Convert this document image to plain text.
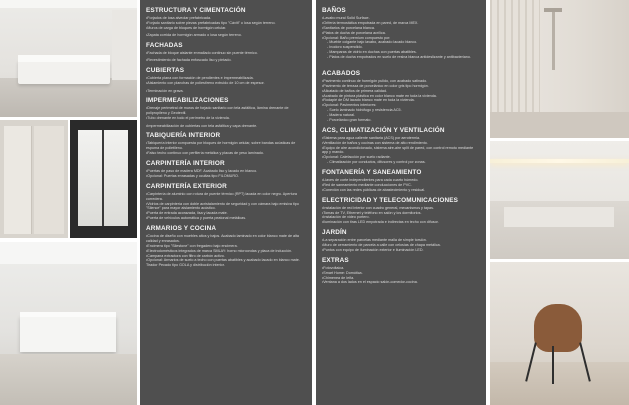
ESTRUCTURA Y CIMENTACIÓN

•Forjados de losa alveolar prefabricada.

•Forjado sanitario sobre piezas prefabricadas tipo "Cáviti" o losa según terreno.

•Muros de carga de bloques de hormigón celular.

•Zapata corrida de hormigón armado o losa según terreno.

FACHADAS

•Fachada de bloque aislante enmallado continuo sin puente térmico.

•Revestimiento de fachada enfoscado liso y pintado.

CUBIERTAS

•Cubierta plana con formación de pendientes e impermeabilizada.

•Aislamiento con planchas de poliestireno extruido de 10 cm de espesor.

•Terminación en grava.

IMPERMEABILIZACIONES

•Drenaje perimetral de muros de forjado sanitario con tela asfáltica, lámina drenante de polipropileno y Geotextil.

•Tubo drenante en todo el perímetro de la vivienda.

•Impermeabilización de cubiertas con tela asfáltica y capa drenante.

TABIQUERÍA INTERIOR

•Tabiquería interior compuesta por bloques de hormigón celular, sobre bandas acústicas de espuma de polietileno.

•Falso techo continuo con perfilería metálica y placas de yeso laminado.

CARPINTERÍA INTERIOR

•Puertas de paso de madera MDF. Acabado liso y lacado en blanco.

•Opcional: Puertas enrasadas y ocultas tipo FILOMURO.

CARPINTERÍA EXTERIOR

•Carpintería de aluminio con rotura de puente térmico (RPT) lacada en color negro. Apertura corredera.

•Vidrios de carpintería con doble acristalamiento de seguridad y con cámara bajo emisiva tipo "Silence" para mayor aislamiento acústico.

•Puerta de entrada acorazada, lisa y lacada mate.

•Puerta de vehículos automática y puerta peatonal metálicas.

ARMARIOS Y COCINA

•Cocina de diseño con muebles altos y bajos. Acabado laminado en color blanco mate de alta calidad y enrasados.

•Encimera tipo "Silestone" con fregadero bajo encimera.

•Electrodomésticos integrados de marca SMLAY: horno microondas y placa de inducción.

•Campana extractora con filtro de carbón activo.

•Opcional: Armarios de suelo a techo con puertas abatibles y acabado lacado en blanco mate. Tirador Pecado tipo GOLA y distribución interior.

BAÑOS

•Lavabo mural Solid Surface.

•Grifería termostática empotrada en pared, de marca MEX.

•Sanitarios de porcelana blanca.

•Platos de ducha de porcelana acrílica.

•Opcional: Baño premium compuesto por:

- Mueble colgante bajo lavabo, acabado lacado blanco.

- Inodoro suspendido.

- Mamparas de vidrio en duchas con puertas abatibles.

- Platos de ducha empotrados en suelo de resina blanca antideslizante y antibacteriano.

ACABADOS

•Pavimento continuo de hormigón pulido, con acabado satinado.

•Pavimento de terraza de porcelánico en color gris tipo hormigón.

•Alicatado de baños de primera calidad.

•Acabado de pintura plástica en color blanco mate en toda la vivienda.

•Rodapié de DM lacado blanco mate en toda la vivienda.

•Opcional: Pavimentos interiores:

- Suelo laminado hidrófugo y resistencia AC5.

- Madera natural.

- Porcelánico gran formato.

ACS, CLIMATIZACIÓN Y VENTILACIÓN

•Sistema para agua caliente sanitaria (ACS) por aerotermia.

•Ventilación de baños y cocinas con sistema de alto rendimiento.

•Equipo de aire acondicionado, sistema aire-aire split de pared, con control remoto mediante app y mando.

•Opcional: Calefacción por suelo radiante.

- Climatización por conductos, difusores y control por zonas.

FONTANERÍA Y SANEAMIENTO

•Llaves de corte independientes para cada cuarto húmedo.

•Red de saneamiento mediante conducciones de PVC.

•Conexión con las redes públicas de abastecimiento y residual.

ELECTRICIDAD Y TELECOMUNICACIONES

•Instalación de red interior con cuadro general, mecanismos y tapas.

•Tomas de TV, Ethernet y teléfono en salón y los dormitorios.

•Instalación de video portero.

•Iluminación con tiras LED empotrada e indirectas en techo con difusor.

JARDÍN

•La separación entre parcelas mediante malla de simple torsión.

•Muro de cerramiento de parcela a calle con celosías de chapa metálica.

•Puntos con equipo de iluminación exterior e iluminación LED.

EXTRAS

•Fotovoltaica.

•Smart Home: Domótica.

•Chimenea de leña.

•Ventana a dos lados en el espacio salón-comedor-cocina.
